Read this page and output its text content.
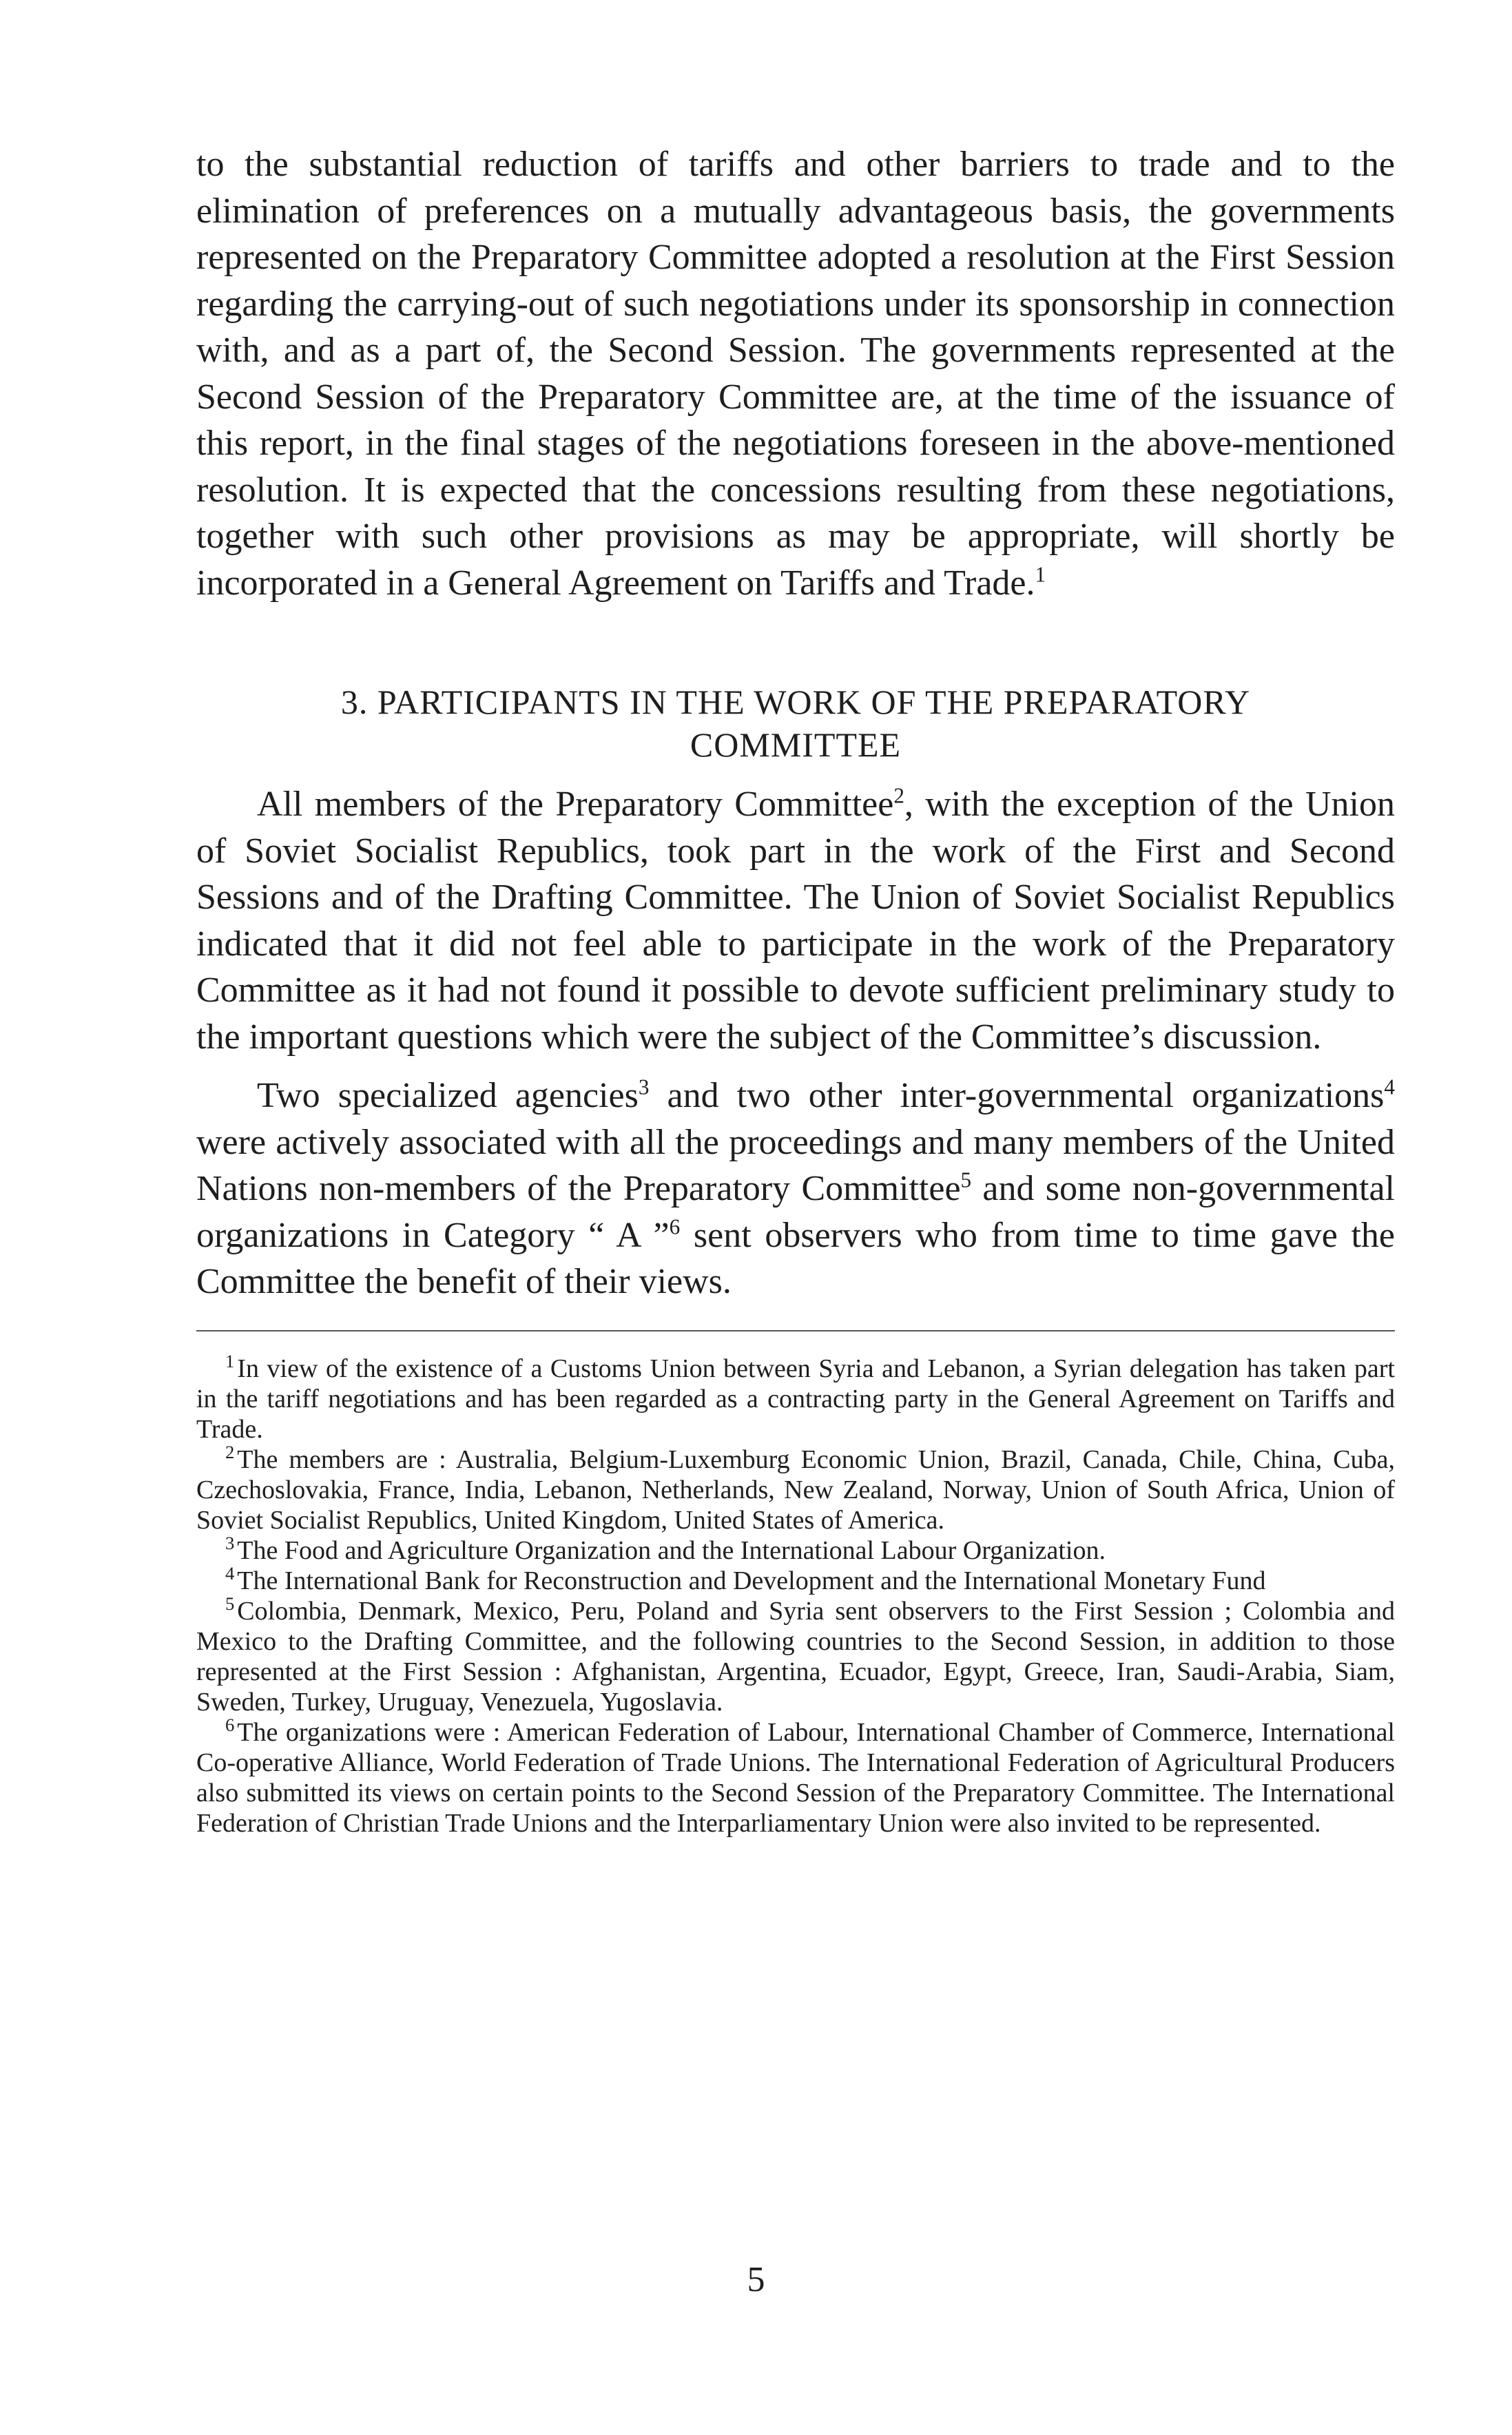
to the substantial reduction of tariffs and other barriers to trade and to the elimination of preferences on a mutually advantageous basis, the governments represented on the Preparatory Committee adopted a resolution at the First Session regarding the carrying-out of such negotiations under its sponsorship in connection with, and as a part of, the Second Session. The governments represented at the Second Session of the Preparatory Committee are, at the time of the issuance of this report, in the final stages of the negotiations foreseen in the above-mentioned resolution. It is expected that the concessions resulting from these negotiations, together with such other provisions as may be appropriate, will shortly be incorporated in a General Agreement on Tariffs and Trade.$^1$

3. PARTICIPANTS IN THE WORK OF THE PREPARATORY
COMMITTEE

All members of the Preparatory Committee$^2$, with the exception of the Union of Soviet Socialist Republics, took part in the work of the First and Second Sessions and of the Drafting Committee. The Union of Soviet Socialist Republics indicated that it did not feel able to participate in the work of the Preparatory Committee as it had not found it possible to devote sufficient preliminary study to the important questions which were the subject of the Committee’s discussion.

Two specialized agencies$^3$ and two other inter-governmental organizations$^4$ were actively associated with all the proceedings and many members of the United Nations non-members of the Preparatory Committee$^5$ and some non-governmental organizations in Category “ A ”$^6$ sent observers who from time to time gave the Committee the benefit of their views.

$^1$ In view of the existence of a Customs Union between Syria and Lebanon, a Syrian delegation has taken part in the tariff negotiations and has been regarded as a contracting party in the General Agreement on Tariffs and Trade.

$^2$ The members are : Australia, Belgium-Luxemburg Economic Union, Brazil, Canada, Chile, China, Cuba, Czechoslovakia, France, India, Lebanon, Netherlands, New Zealand, Norway, Union of South Africa, Union of Soviet Socialist Republics, United Kingdom, United States of America.

$^3$ The Food and Agriculture Organization and the International Labour Organization.

$^4$ The International Bank for Reconstruction and Development and the International Monetary Fund

$^5$ Colombia, Denmark, Mexico, Peru, Poland and Syria sent observers to the First Session ; Colombia and Mexico to the Drafting Committee, and the following countries to the Second Session, in addition to those represented at the First Session : Afghanistan, Argentina, Ecuador, Egypt, Greece, Iran, Saudi-Arabia, Siam, Sweden, Turkey, Uruguay, Venezuela, Yugoslavia.

$^6$ The organizations were : American Federation of Labour, International Chamber of Commerce, International Co-operative Alliance, World Federation of Trade Unions. The International Federation of Agricultural Producers also submitted its views on certain points to the Second Session of the Preparatory Committee. The International Federation of Christian Trade Unions and the Interparliamentary Union were also invited to be represented.

5
